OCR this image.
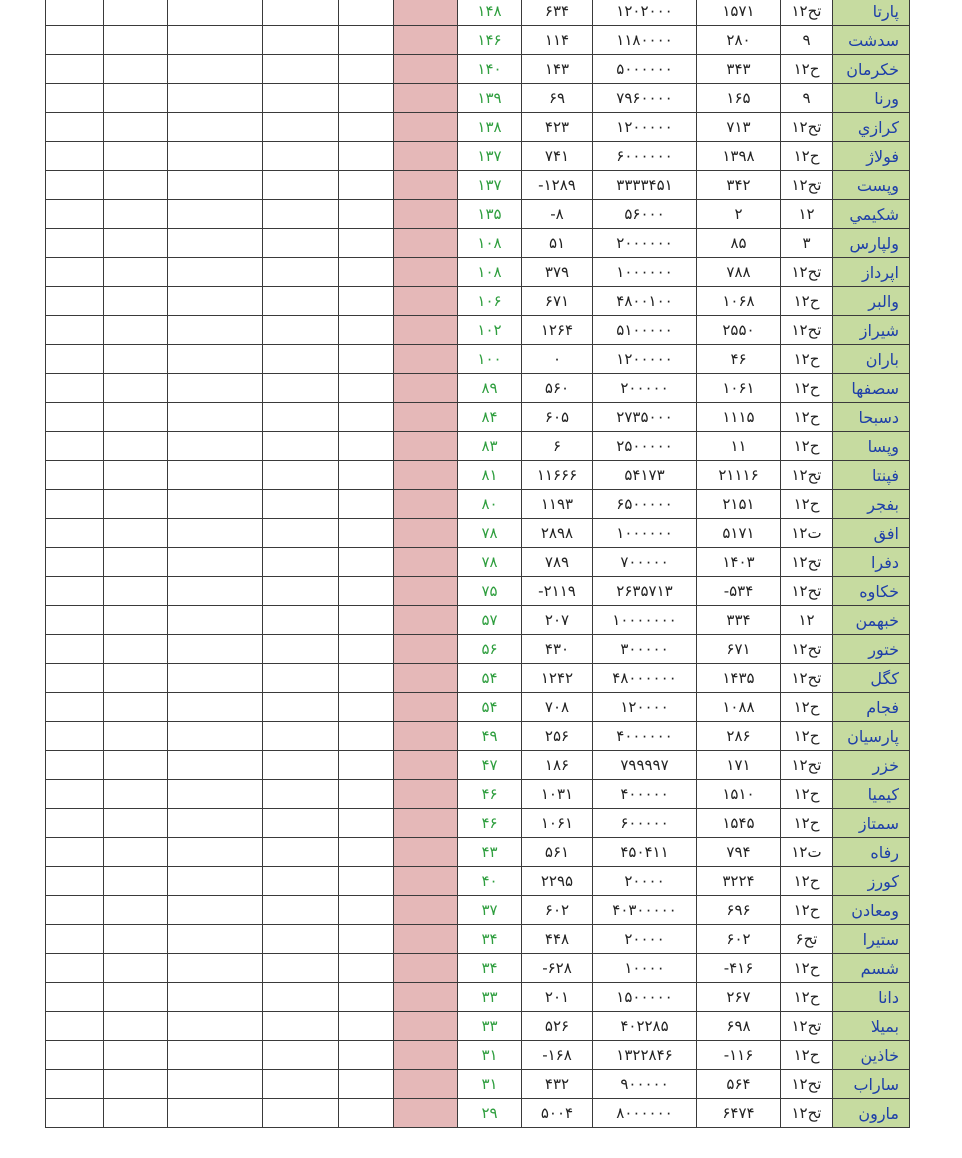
						۱۴۸	۶۳۴	۱۲۰۲۰۰۰	۱۵۷۱	۱۲تح	پارتا
						۱۴۶	۱۱۴	۱۱۸۰۰۰۰	۲۸۰	۹	سدشت
						۱۴۰	۱۴۳	۵۰۰۰۰۰۰	۳۴۳	۱۲ح	خکرمان
						۱۳۹	۶۹	۷۹۶۰۰۰۰	۱۶۵	۹	ورنا
						۱۳۸	۴۲۳	۱۲۰۰۰۰۰	۷۱۳	۱۲تح	كرازي
						۱۳۷	۷۴۱	۶۰۰۰۰۰۰	۱۳۹۸	۱۲ح	فولاژ
						۱۳۷	-۱۲۸۹	۳۳۳۳۴۵۱	۳۴۲	۱۲تح	وپست
						۱۳۵	-۸	۵۶۰۰۰	۲	۱۲	شكيمي
						۱۰۸	۵۱	۲۰۰۰۰۰۰	۸۵	۳	ولپارس
						۱۰۸	۳۷۹	۱۰۰۰۰۰۰	۷۸۸	۱۲تح	اپرداز
						۱۰۶	۶۷۱	۴۸۰۰۱۰۰	۱۰۶۸	۱۲ح	والبر
						۱۰۲	۱۲۶۴	۵۱۰۰۰۰۰	۲۵۵۰	۱۲تح	شيراز
						۱۰۰	۰	۱۲۰۰۰۰۰	۴۶	۱۲ح	باران
						۸۹	۵۶۰	۲۰۰۰۰۰	۱۰۶۱	۱۲ح	سصفها
						۸۴	۶۰۵	۲۷۳۵۰۰۰	۱۱۱۵	۱۲ح	دسبحا
						۸۳	۶	۲۵۰۰۰۰۰	۱۱	۱۲ح	وپسا
						۸۱	۱۱۶۶۶	۵۴۱۷۳	۲۱۱۱۶	۱۲تح	فپنتا
						۸۰	۱۱۹۳	۶۵۰۰۰۰۰	۲۱۵۱	۱۲ح	بفجر
						۷۸	۲۸۹۸	۱۰۰۰۰۰۰	۵۱۷۱	۱۲ت	افق
						۷۸	۷۸۹	۷۰۰۰۰۰	۱۴۰۳	۱۲تح	دفرا
						۷۵	-۲۱۱۹	۲۶۳۵۷۱۳	-۵۳۴	۱۲تح	خكاوه
						۵۷	۲۰۷	۱۰۰۰۰۰۰۰	۳۳۴	۱۲	خبهمن
						۵۶	۴۳۰	۳۰۰۰۰۰	۶۷۱	۱۲تح	ختور
						۵۴	۱۲۴۲	۴۸۰۰۰۰۰۰	۱۴۳۵	۱۲تح	كگل
						۵۴	۷۰۸	۱۲۰۰۰۰	۱۰۸۸	۱۲ح	فجام
						۴۹	۲۵۶	۴۰۰۰۰۰۰	۲۸۶	۱۲ح	پارسيان
						۴۷	۱۸۶	۷۹۹۹۹۷	۱۷۱	۱۲تح	خزر
						۴۶	۱۰۳۱	۴۰۰۰۰۰	۱۵۱۰	۱۲ح	كيميا
						۴۶	۱۰۶۱	۶۰۰۰۰۰	۱۵۴۵	۱۲ح	سمتاز
						۴۳	۵۶۱	۴۵۰۴۱۱	۷۹۴	۱۲ت	رفاه
						۴۰	۲۲۹۵	۲۰۰۰۰	۳۲۲۴	۱۲ح	كورز
						۳۷	۶۰۲	۴۰۳۰۰۰۰۰	۶۹۶	۱۲ح	ومعادن
						۳۴	۴۴۸	۲۰۰۰۰	۶۰۲	۶تح	ستيرا
						۳۴	-۶۲۸	۱۰۰۰۰	-۴۱۶	۱۲ح	شسم
						۳۳	۲۰۱	۱۵۰۰۰۰۰	۲۶۷	۱۲ح	دانا
						۳۳	۵۲۶	۴۰۲۲۸۵	۶۹۸	۱۲تح	بميلا
						۳۱	-۱۶۸	۱۳۲۲۸۴۶	-۱۱۶	۱۲ح	خاذين
						۳۱	۴۳۲	۹۰۰۰۰۰	۵۶۴	۱۲تح	ساراب
						۲۹	۵۰۰۴	۸۰۰۰۰۰۰	۶۴۷۴	۱۲تح	مارون
